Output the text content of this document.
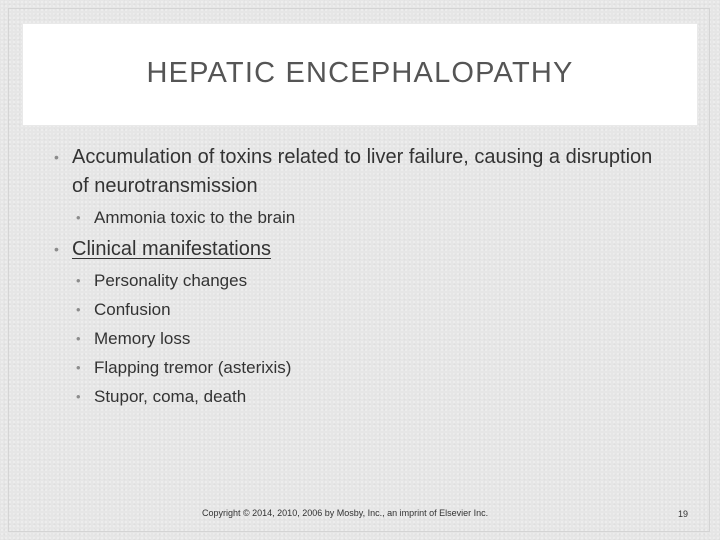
HEPATIC ENCEPHALOPATHY
• Accumulation of toxins related to liver failure, causing a disruption of neurotransmission
• Ammonia toxic to the brain
• Clinical manifestations
• Personality changes
• Confusion
• Memory loss
• Flapping tremor (asterixis)
• Stupor, coma, death
Copyright © 2014, 2010, 2006 by Mosby, Inc., an imprint of Elsevier Inc.	19
